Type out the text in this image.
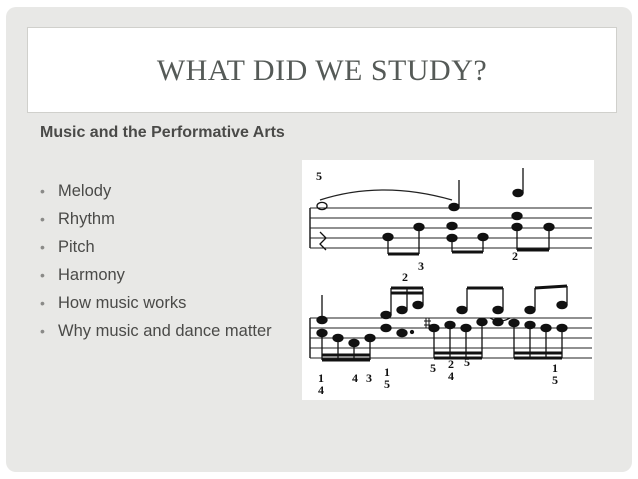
WHAT DID WE STUDY?
Music and the Performative Arts
• Melody
• Rhythm
• Pitch
• Harmony
• How music works
• Why music and dance matter
5
3
2
2
1
4
4 3 1
5
5 2
4
5	1
5
